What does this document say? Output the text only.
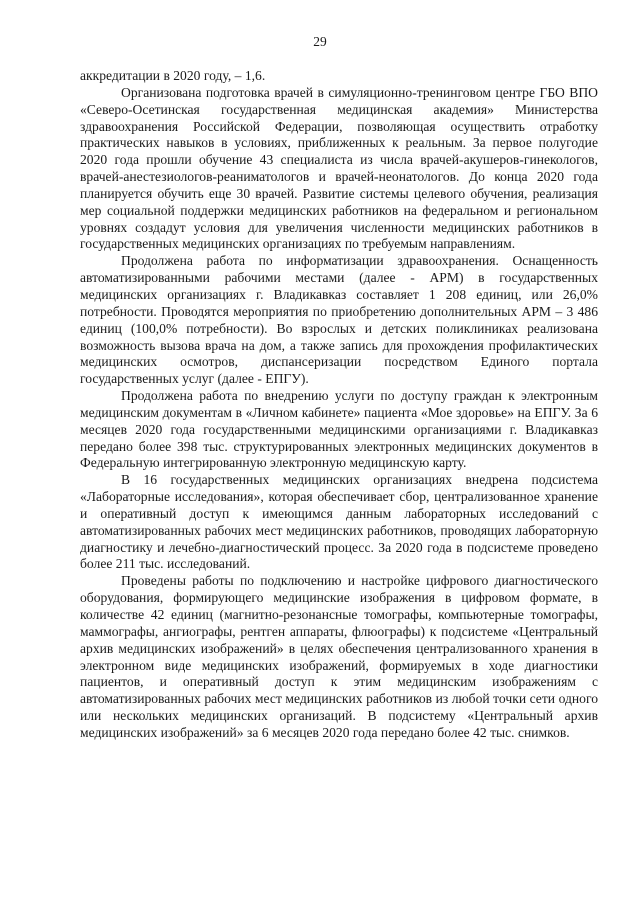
29

аккредитации в 2020 году, – 1,6.

Организована подготовка врачей в симуляционно-тренинговом центре ГБО ВПО «Северо-Осетинская государственная медицинская академия» Министерства здравоохранения Российской Федерации, позволяющая осуществить отработку практических навыков в условиях, приближенных к реальным. За первое полугодие 2020 года прошли обучение 43 специалиста из числа врачей-акушеров-гинекологов, врачей-анестезиологов-реаниматологов и врачей-неонатологов. До конца 2020 года планируется обучить еще 30 врачей. Развитие системы целевого обучения, реализация мер социальной поддержки медицинских работников на федеральном и региональном уровнях создадут условия для увеличения численности медицинских работников в государственных медицинских организациях по требуемым направлениям.

Продолжена работа по информатизации здравоохранения. Оснащенность автоматизированными рабочими местами (далее - АРМ) в государственных медицинских организациях г. Владикавказ составляет 1 208 единиц, или 26,0% потребности. Проводятся мероприятия по приобретению дополнительных АРМ – 3 486 единиц (100,0% потребности). Во взрослых и детских поликлиниках реализована возможность вызова врача на дом, а также запись для прохождения профилактических медицинских осмотров, диспансеризации посредством Единого портала государственных услуг (далее - ЕПГУ).

Продолжена работа по внедрению услуги по доступу граждан к электронным медицинским документам в «Личном кабинете» пациента «Мое здоровье» на ЕПГУ. За 6 месяцев 2020 года государственными медицинскими организациями г. Владикавказ передано более 398 тыс. структурированных электронных медицинских документов в Федеральную интегрированную электронную медицинскую карту.

В 16 государственных медицинских организациях внедрена подсистема «Лабораторные исследования», которая обеспечивает сбор, централизованное хранение и оперативный доступ к имеющимся данным лабораторных исследований с автоматизированных рабочих мест медицинских работников, проводящих лабораторную диагностику и лечебно-диагностический процесс. За 2020 года в подсистеме проведено более 211 тыс. исследований.

Проведены работы по подключению и настройке цифрового диагностического оборудования, формирующего медицинские изображения в цифровом формате, в количестве 42 единиц (магнитно-резонансные томографы, компьютерные томографы, маммографы, ангиографы, рентген аппараты, флюографы) к подсистеме «Центральный архив медицинских изображений» в целях обеспечения централизованного хранения в электронном виде медицинских изображений, формируемых в ходе диагностики пациентов, и оперативный доступ к этим медицинским изображениям с автоматизированных рабочих мест медицинских работников из любой точки сети одного или нескольких медицинских организаций. В подсистему «Центральный архив медицинских изображений» за 6 месяцев 2020 года передано более 42 тыс. снимков.
